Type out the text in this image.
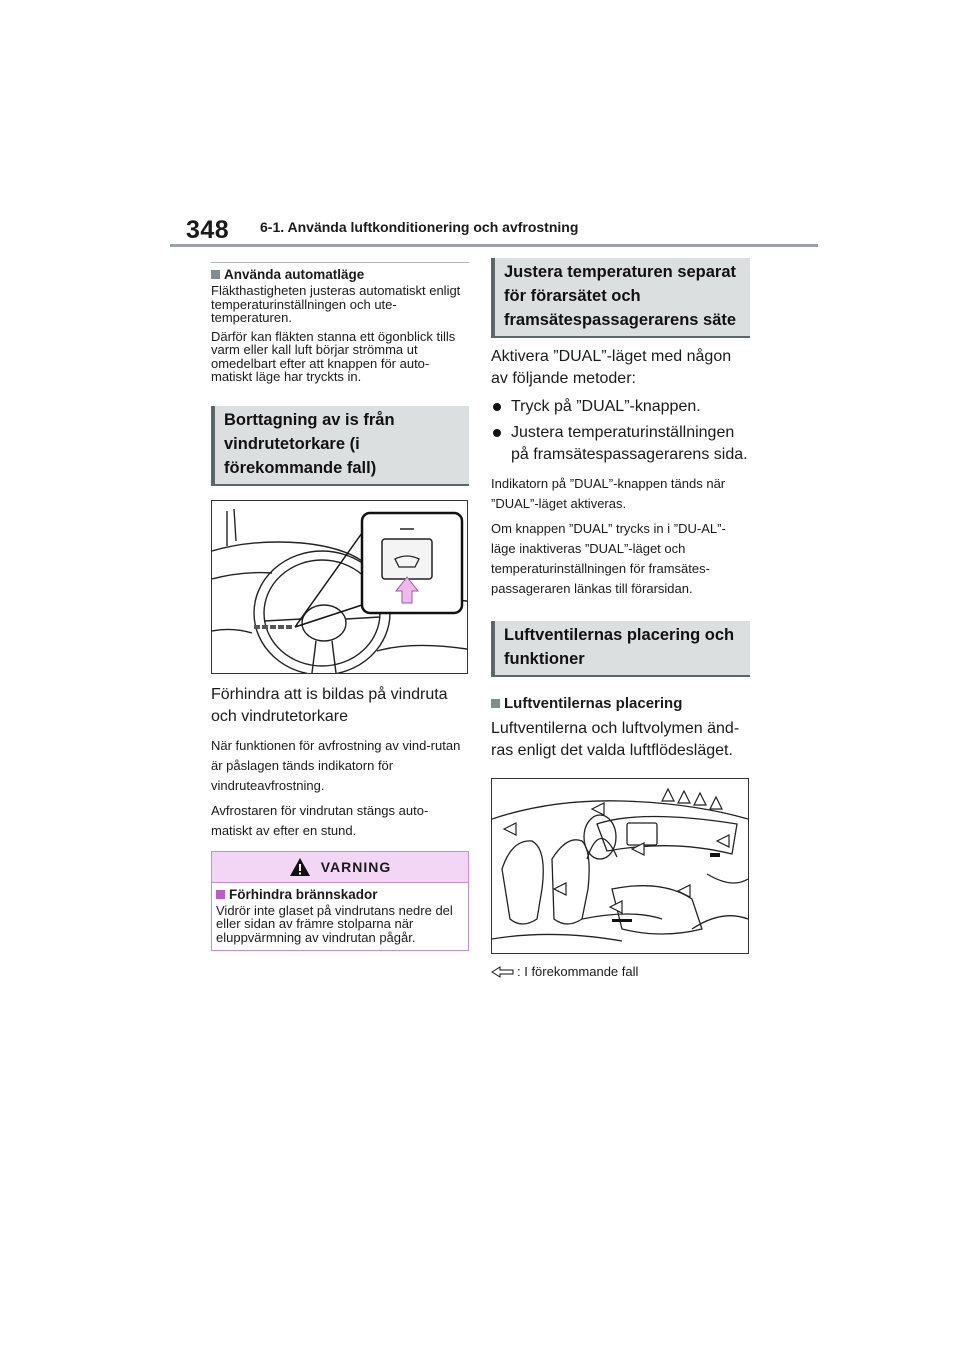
348 6-1. Använda luftkonditionering och avfrostning

Använda automatläge

Fläkthastigheten justeras automatiskt enligt temperaturinställningen och ute-temperaturen.

Därför kan fläkten stanna ett ögonblick tills varm eller kall luft börjar strömma ut omedelbart efter att knappen för auto-matiskt läge har tryckts in.

Borttagning av is från vindrutetorkare (i förekommande fall)

Förhindra att is bildas på vindruta och vindrutetorkare

När funktionen för avfrostning av vind-rutan är påslagen tänds indikatorn för vindruteavfrostning.

Avfrostaren för vindrutan stängs auto-matiskt av efter en stund.

VARNING

Förhindra brännskador

Vidrör inte glaset på vindrutans nedre del eller sidan av främre stolparna när eluppvärmning av vindrutan pågår.

Justera temperaturen separat för förarsätet och framsätespassagerarens säte

Aktivera ”DUAL”-läget med någon av följande metoder:

Tryck på ”DUAL”-knappen.
Justera temperaturinställningen på framsätespassagerarens sida.

Indikatorn på ”DUAL”-knappen tänds när ”DUAL”-läget aktiveras.

Om knappen ”DUAL” trycks in i ”DU-AL”-läge inaktiveras ”DUAL”-läget och temperaturinställningen för framsätes-passageraren länkas till förarsidan.

Luftventilernas placering och funktioner

Luftventilernas placering

Luftventilerna och luftvolymen änd-ras enligt det valda luftflödesläget.

: I förekommande fall
